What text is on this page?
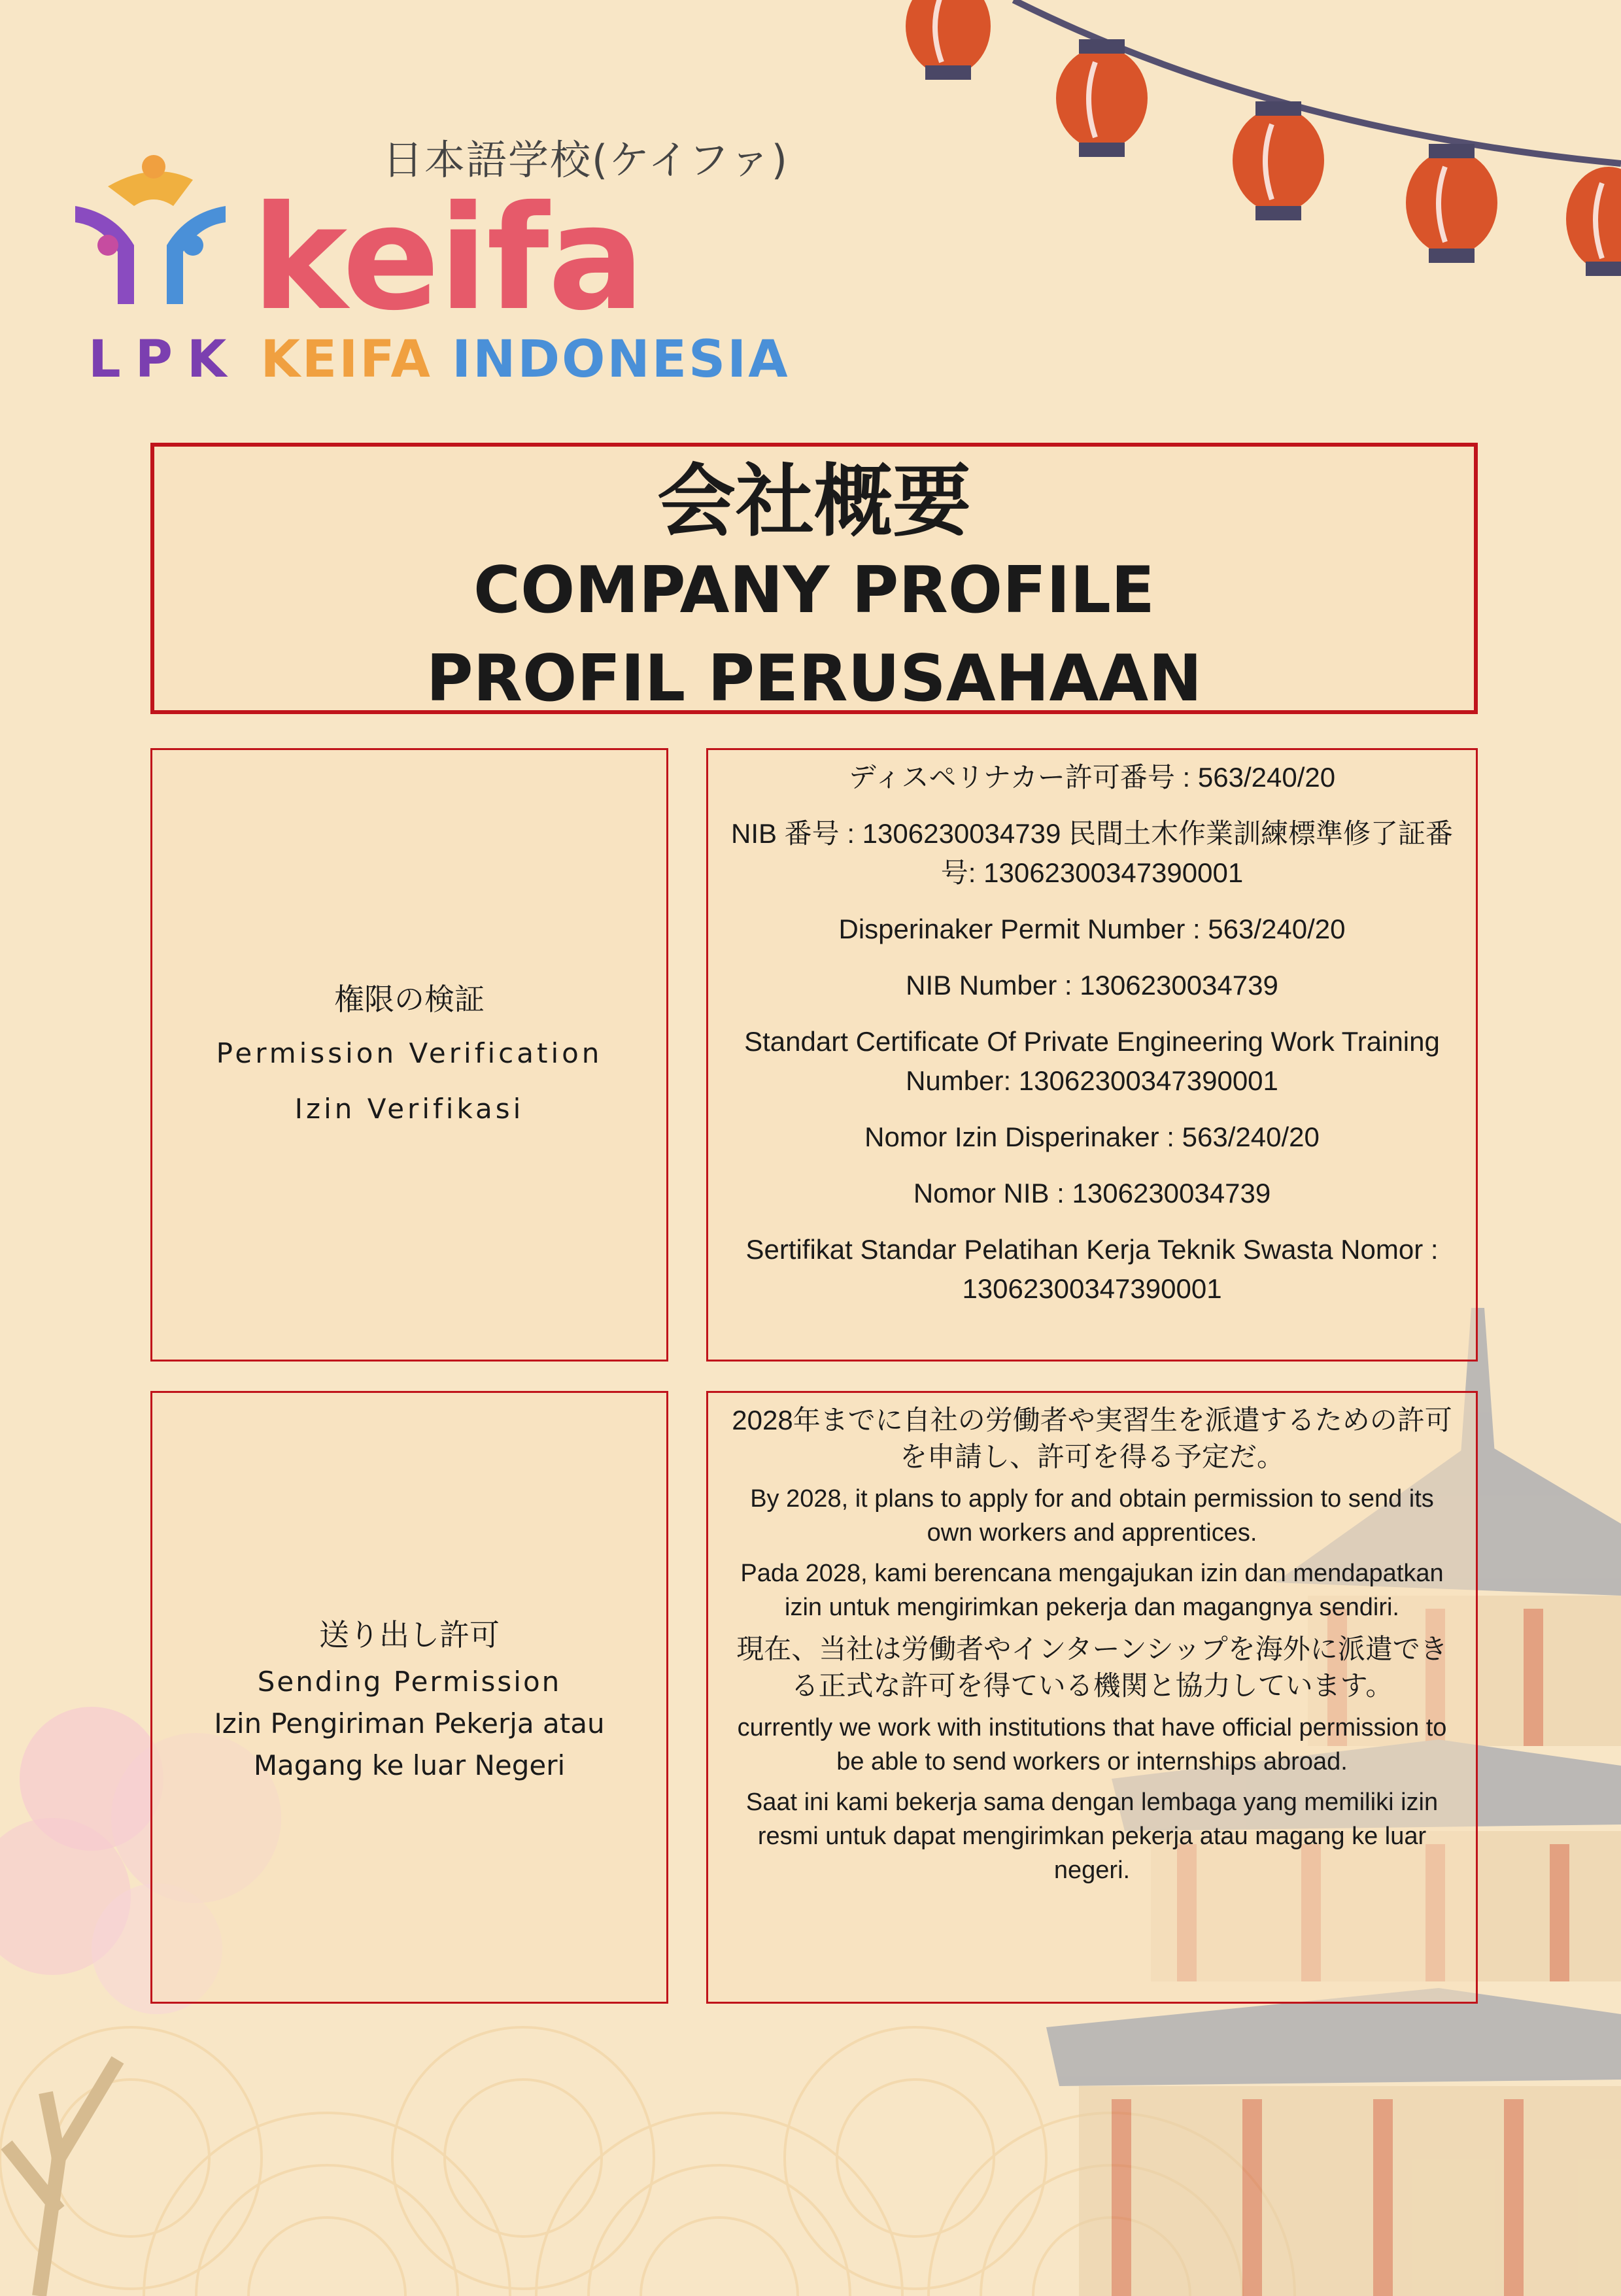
日本語学校(ケイファ)
keifa
LPK KEIFA INDONESIA
会社概要
COMPANY PROFILE
PROFIL PERUSAHAAN
権限の検証
Permission Verification
Izin Verifikasi

ディスペリナカー許可番号 : 563/240/20

NIB 番号 : 1306230034739 民間土木作業訓練標準修了証番号: 13062300347390001

Disperinaker Permit Number : 563/240/20

NIB Number : 1306230034739

Standart Certificate Of Private Engineering Work Training Number: 13062300347390001

Nomor Izin Disperinaker : 563/240/20

Nomor NIB : 1306230034739

Sertifikat Standar Pelatihan Kerja Teknik Swasta Nomor : 13062300347390001

送り出し許可
Sending Permission
Izin Pengiriman Pekerja atau Magang ke luar Negeri

2028年までに自社の労働者や実習生を派遣するための許可を申請し、許可を得る予定だ。

By 2028, it plans to apply for and obtain permission to send its own workers and apprentices.

Pada 2028, kami berencana mengajukan izin dan mendapatkan izin untuk mengirimkan pekerja dan magangnya sendiri.

現在、当社は労働者やインターンシップを海外に派遣できる正式な許可を得ている機関と協力しています。

currently we work with institutions that have official permission to be able to send workers or internships abroad.

Saat ini kami bekerja sama dengan lembaga yang memiliki izin resmi untuk dapat mengirimkan pekerja atau magang ke luar negeri.
